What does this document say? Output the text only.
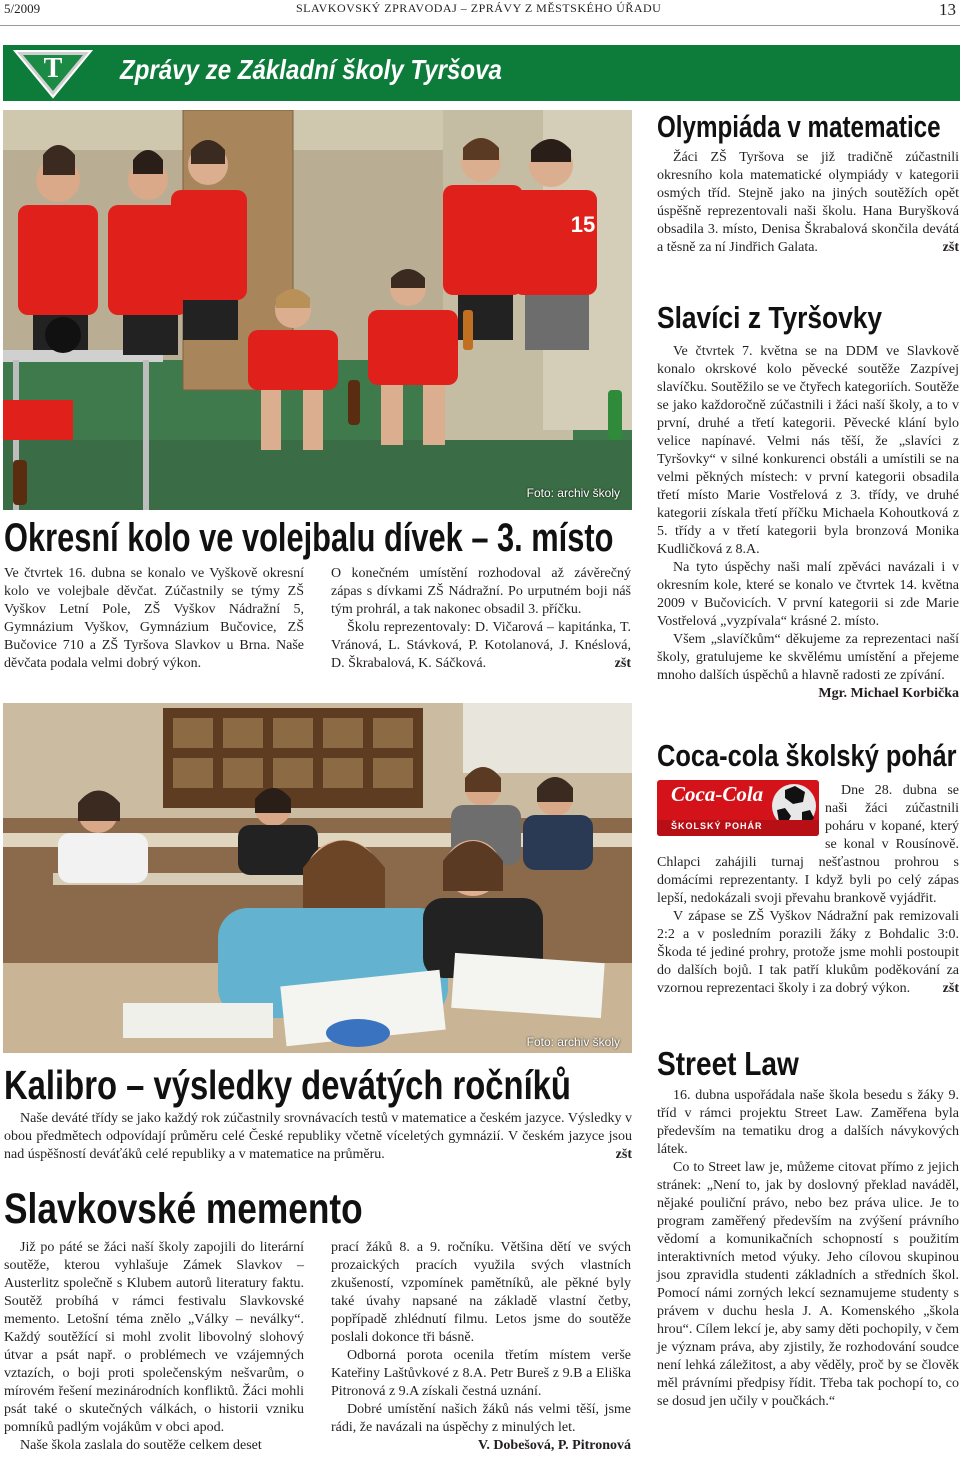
5/2009	SLAVKOVSKÝ ZPRAVODAJ – ZPRÁVY Z MĚSTSKÉHO ÚŘADU	13
T Zprávy ze Základní školy Tyršova
15
Foto: archiv školy
Okresní kolo ve volejbalu dívek – 3. místo

Ve čtvrtek 16. dubna se konalo ve Vyškově okresní kolo ve volejbale děvčat. Zúčastnily se týmy ZŠ Vyškov Letní Pole, ZŠ Vyškov Nádražní 5, Gymnázium Vyškov, Gymnázium Bučovice, ZŠ Bučovice 710 a ZŠ Tyršova Slavkov u Brna. Naše děvčata podala velmi dobrý výkon.

O konečném umístění rozhodoval až závěrečný zápas s dívkami ZŠ Nádražní. Po urputném boji náš tým prohrál, a tak nakonec obsadil 3. příčku.

Školu reprezentovaly: D. Vičarová – kapitánka, T. Vránová, L. Stávková, P. Kotolanová, J. Knéslová, D. Škrabalová, K. Sáčková.	zšt

Olympiáda v matematice

Žáci ZŠ Tyršova se již tradičně zúčastnili okresního kola matematické olympiády v kategorii osmých tříd. Stejně jako na jiných soutěžích opět úspěšně reprezentovali naši školu. Hana Buryšková obsadila 3. místo, Denisa Škrabalová skončila devátá a těsně za ní Jindřich Galata.	zšt

Slavíci z Tyršovky

Ve čtvrtek 7. května se na DDM ve Slavkově konalo okrskové kolo pěvecké soutěže Zazpívej slavíčku. Soutěžilo se ve čtyřech kategoriích. Soutěže se jako každoročně zúčastnili i žáci naší školy, a to v první, druhé a třetí kategorii. Pěvecké klání bylo velice napínavé. Velmi nás těší, že „slavíci z Tyršovky“ v silné konkurenci obstáli a umístili se na velmi pěkných místech: v první kategorii obsadila třetí místo Marie Vostřelová z 3. třídy, ve druhé kategorii získala třetí příčku Michaela Kohoutková z 5. třídy a v třetí kategorii byla bronzová Monika Kudličková z 8.A.

Na tyto úspěchy naši malí zpěváci navázali i v okresním kole, které se konalo ve čtvrtek 14. května 2009 v Bučovicích. V první kategorii si zde Marie Vostřelová „vyzpívala“ krásné 2. místo.

Všem „slavíčkům“ děkujeme za reprezentaci naší školy, gratulujeme ke skvělému umístění a přejeme mnoho dalších úspěchů a hlavně radosti ze zpívání.
Mgr. Michael Korbička

Foto: archiv školy
Coca-cola školský pohár
Coca-Cola
ŠKOLSKÝ POHÁR

Dne 28. dubna se naši žáci zúčastnili poháru v kopané, který se konal v Rousínově. Chlapci zahájili turnaj nešťastnou prohrou s domácími reprezentanty. I když byli po celý zápas lepší, nedokázali svoji převahu brankově vyjádřit.

V zápase se ZŠ Vyškov Nádražní pak remizovali 2:2 a v posledním porazili žáky z Bohdalic 3:0. Škoda té jediné prohry, protože jsme mohli postoupit do dalších bojů. I tak patří klukům poděkování za vzornou reprezentaci školy i za dobrý výkon.	zšt

Kalibro – výsledky devátých ročníků

Naše deváté třídy se jako každý rok zúčastnily srovnávacích testů v matematice a českém jazyce. Výsledky v obou předmětech odpovídají průměru celé České republiky včetně víceletých gymnázií. V českém jazyce jsou nad úspěšností deváťáků celé republiky a v matematice na průměru.	zšt

Street Law

16. dubna uspořádala naše škola besedu s žáky 9. tříd v rámci projektu Street Law. Zaměřena byla především na tematiku drog a dalších návykových látek.

Co to Street law je, můžeme citovat přímo z jejich stránek: „Není to, jak by doslovný překlad naváděl, nějaké pouliční právo, nebo bez práva ulice. Je to program zaměřený především na zvýšení právního vědomí a komunikačních schopností s použitím interaktivních metod výuky. Jeho cílovou skupinou jsou zpravidla studenti základních a středních škol. Pomocí námi zorných lekcí seznamujeme studenty s právem v duchu hesla J. A. Komenského „škola hrou“. Cílem lekcí je, aby samy děti pochopily, v čem je význam práva, aby zjistily, že rozhodování soudce není lehká záležitost, a aby věděly, proč by se člověk měl právními předpisy řídit. Třeba tak pochopí to, co se dosud jen učily v poučkách.“

Slavkovské memento

Již po páté se žáci naší školy zapojili do literární soutěže, kterou vyhlašuje Zámek Slavkov – Austerlitz společně s Klubem autorů literatury faktu. Soutěž probíhá v rámci festivalu Slavkovské memento. Letošní téma znělo „Války – neválky“. Každý soutěžící si mohl zvolit libovolný slohový útvar a psát např. o problémech ve vzájemných vztazích, o boji proti společenským nešvarům, o mírovém řešení mezinárodních konfliktů. Žáci mohli psát také o skutečných válkách, o historii vzniku pomníků padlým vojákům v obci apod.

Naše škola zaslala do soutěže celkem deset

prací žáků 8. a 9. ročníku. Většina dětí ve svých prozaických pracích využila svých vlastních zkušeností, vzpomínek pamětníků, ale pěkné byly také úvahy napsané na základě vlastní četby, popřípadě zhlédnutí filmu. Letos jsme do soutěže poslali dokonce tři básně.

Odborná porota ocenila třetím místem verše Kateřiny Laštůvkové z 8.A. Petr Bureš z 9.B a Eliška Pitronová z 9.A získali čestná uznání.

Dobré umístění našich žáků nás velmi těší, jsme rádi, že navázali na úspěchy z minulých let.

V. Dobešová, P. Pitronová
